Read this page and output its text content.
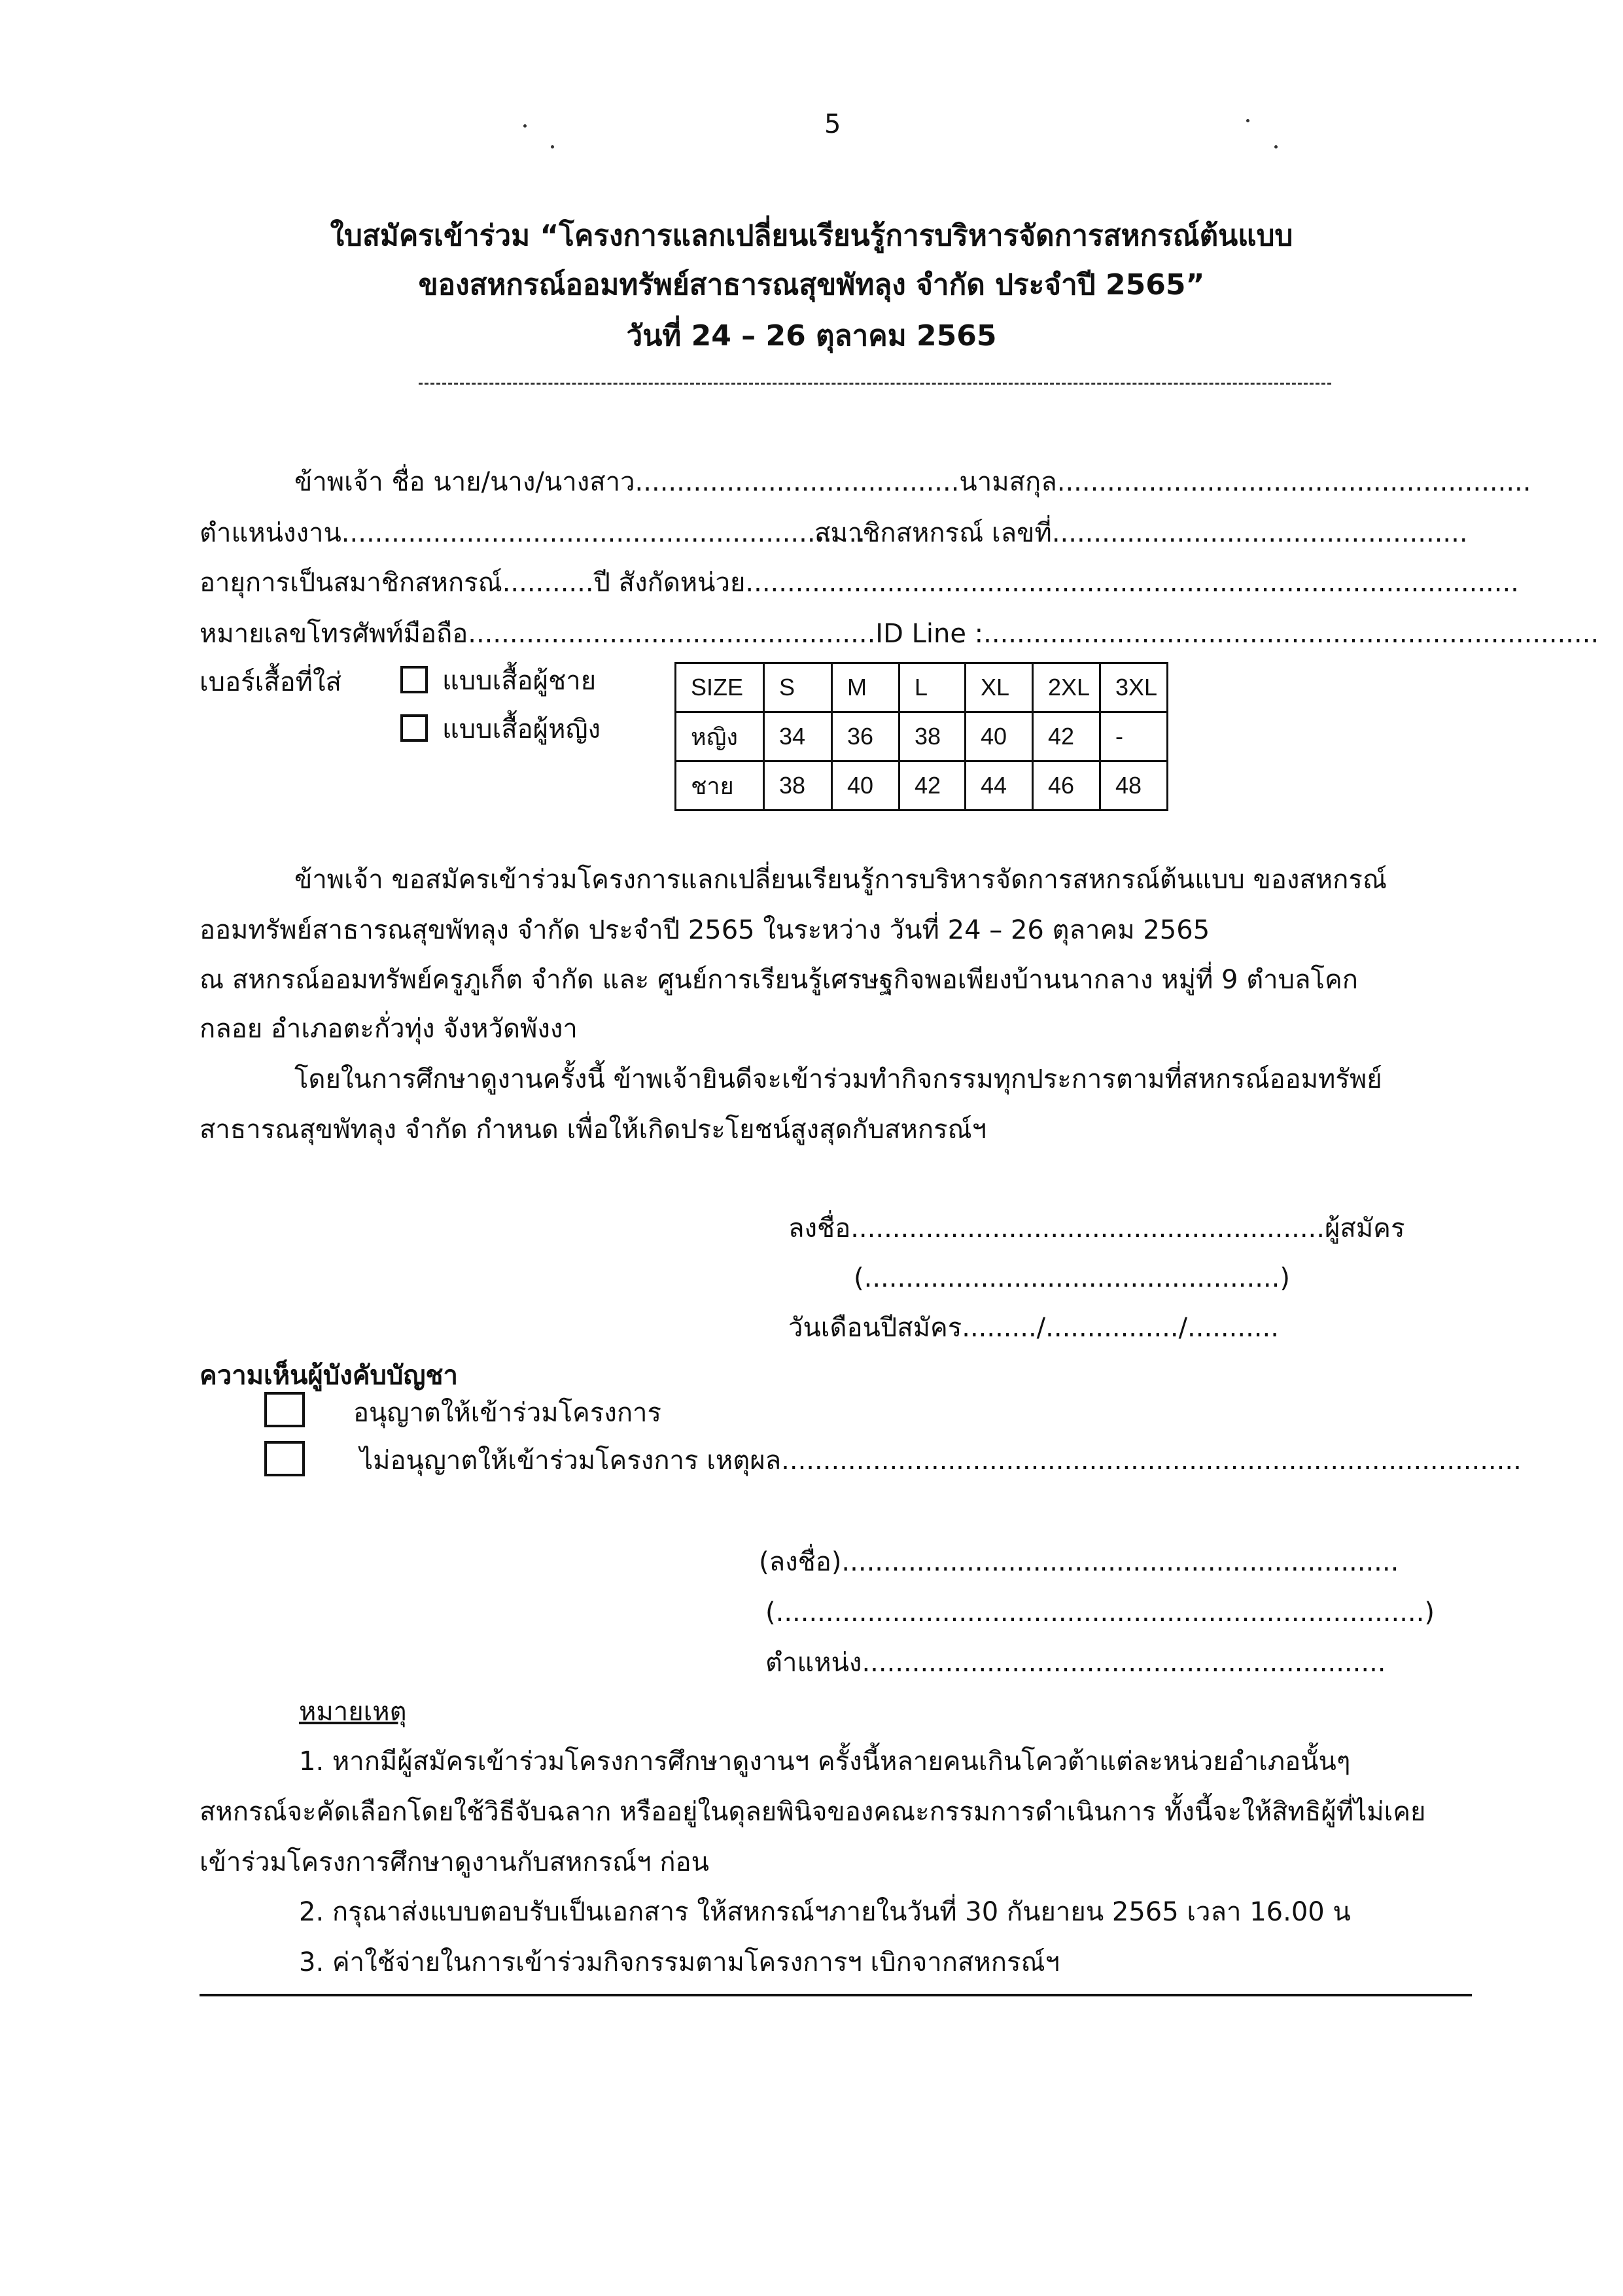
5
ใบสมัครเข้าร่วม “โครงการแลกเปลี่ยนเรียนรู้การบริหารจัดการสหกรณ์ต้นแบบ
ของสหกรณ์ออมทรัพย์สาธารณสุขพัทลุง จำกัด ประจำปี 2565”
วันที่ 24 – 26 ตุลาคม 2565
ข้าพเจ้า ชื่อ นาย/นาง/นางสาว.......................................นามสกุล.........................................................
ตำแหน่งงาน...............................................................
สมาชิกสหกรณ์ เลขที่..................................................
อายุการเป็นสมาชิกสหกรณ์...........ปี สังกัดหน่วย.............................................................................................
หมายเลขโทรศัพท์มือถือ.................................................ID Line :..........................................................................
เบอร์เสื้อที่ใส่	แบบเสื้อผู้ชาย
แบบเสื้อผู้หญิง
SIZE	S	M	L	XL	2XL	3XL
หญิง	34	36	38	40	42	-
ชาย	38	40	42	44	46	48
ข้าพเจ้า ขอสมัครเข้าร่วมโครงการแลกเปลี่ยนเรียนรู้การบริหารจัดการสหกรณ์ต้นแบบ ของสหกรณ์
ออมทรัพย์สาธารณสุขพัทลุง จำกัด ประจำปี 2565 ในระหว่าง วันที่ 24 – 26 ตุลาคม 2565
ณ สหกรณ์ออมทรัพย์ครูภูเก็ต จำกัด และ ศูนย์การเรียนรู้เศรษฐกิจพอเพียงบ้านนากลาง หมู่ที่ 9 ตำบลโคก
กลอย อำเภอตะกั่วทุ่ง จังหวัดพังงา
โดยในการศึกษาดูงานครั้งนี้ ข้าพเจ้ายินดีจะเข้าร่วมทำกิจกรรมทุกประการตามที่สหกรณ์ออมทรัพย์
สาธารณสุขพัทลุง จำกัด กำหนด เพื่อให้เกิดประโยชน์สูงสุดกับสหกรณ์ฯ
ลงชื่อ.........................................................ผู้สมัคร
(..................................................)
วันเดือนปีสมัคร........./................/...........
ความเห็นผู้บังคับบัญชา
อนุญาตให้เข้าร่วมโครงการ
ไม่อนุญาตให้เข้าร่วมโครงการ เหตุผล.........................................................................................
(ลงชื่อ)...................................................................
(..............................................................................)
ตำแหน่ง...............................................................
หมายเหตุ
1. หากมีผู้สมัครเข้าร่วมโครงการศึกษาดูงานฯ ครั้งนี้หลายคนเกินโควต้าแต่ละหน่วยอำเภอนั้นๆ
สหกรณ์จะคัดเลือกโดยใช้วิธีจับฉลาก หรืออยู่ในดุลยพินิจของคณะกรรมการดำเนินการ ทั้งนี้จะให้สิทธิผู้ที่ไม่เคย
เข้าร่วมโครงการศึกษาดูงานกับสหกรณ์ฯ ก่อน
2. กรุณาส่งแบบตอบรับเป็นเอกสาร ให้สหกรณ์ฯภายในวันที่ 30 กันยายน 2565 เวลา 16.00 น
3. ค่าใช้จ่ายในการเข้าร่วมกิจกรรมตามโครงการฯ เบิกจากสหกรณ์ฯ
